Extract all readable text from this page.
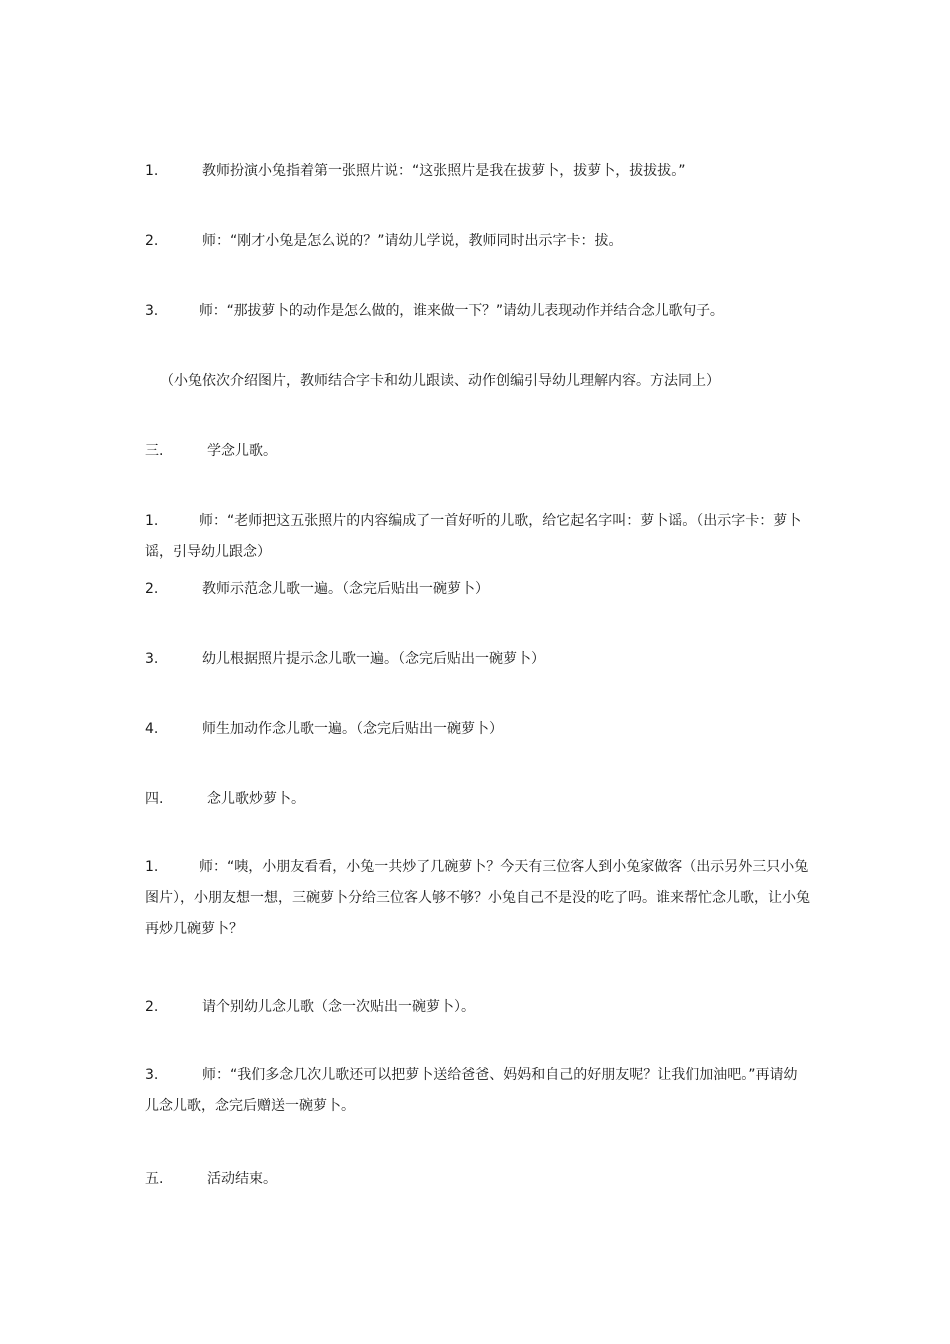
1.	教师扮演小兔指着第一张照片说：“这张照片是我在拔萝卜，拔萝卜，拔拔拔。”
2.	师：“刚才小兔是怎么说的？”请幼儿学说，教师同时出示字卡：拔。
3.	师：“那拔萝卜的动作是怎么做的，谁来做一下？”请幼儿表现动作并结合念儿歌句子。
（小兔依次介绍图片，教师结合字卡和幼儿跟读、动作创编引导幼儿理解内容。方法同上）
三.	学念儿歌。
1.	师：“老师把这五张照片的内容编成了一首好听的儿歌，给它起名字叫：萝卜谣。（出示字卡：萝卜谣，引导幼儿跟念）
2.	教师示范念儿歌一遍。（念完后贴出一碗萝卜）
3.	幼儿根据照片提示念儿歌一遍。（念完后贴出一碗萝卜）
4.	师生加动作念儿歌一遍。（念完后贴出一碗萝卜）
四.	念儿歌炒萝卜。
1.	师：“咦，小朋友看看，小兔一共炒了几碗萝卜？今天有三位客人到小兔家做客（出示另外三只小兔图片），小朋友想一想，三碗萝卜分给三位客人够不够？小兔自己不是没的吃了吗。谁来帮忙念儿歌，让小兔再炒几碗萝卜？
2.	请个别幼儿念儿歌（念一次贴出一碗萝卜）。
3.	师：“我们多念几次儿歌还可以把萝卜送给爸爸、妈妈和自己的好朋友呢？让我们加油吧。”再请幼儿念儿歌，念完后赠送一碗萝卜。
五.	活动结束。
